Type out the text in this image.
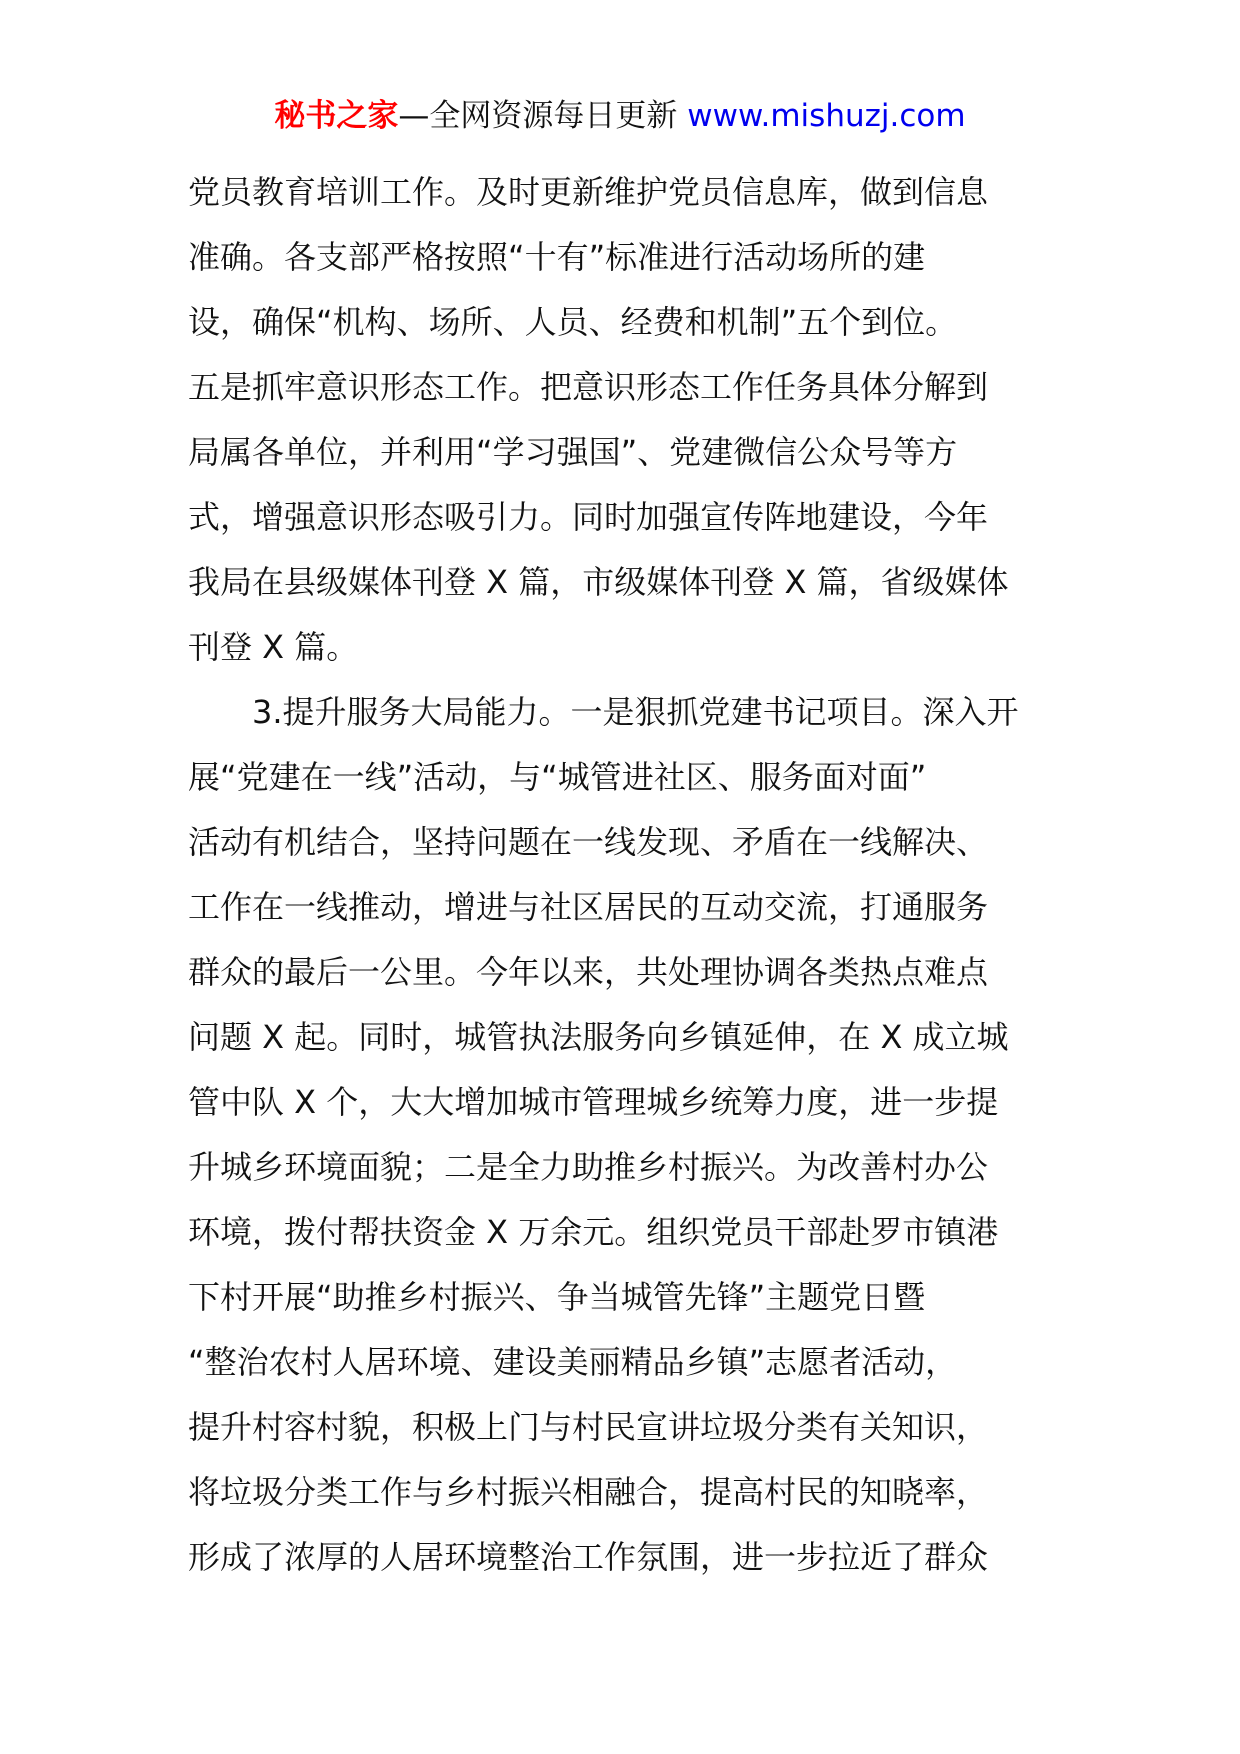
秘书之家—全网资源每日更新 www.mishuzj.com
党员教育培训工作。及时更新维护党员信息库，做到信息
准确。各支部严格按照“十有”标准进行活动场所的建
设，确保“机构、场所、人员、经费和机制”五个到位。
五是抓牢意识形态工作。把意识形态工作任务具体分解到
局属各单位，并利用“学习强国”、党建微信公众号等方
式，增强意识形态吸引力。同时加强宣传阵地建设，今年
我局在县级媒体刊登 X 篇，市级媒体刊登 X 篇，省级媒体
刊登 X 篇。
3.提升服务大局能力。一是狠抓党建书记项目。深入开
展“党建在一线”活动，与“城管进社区、服务面对面”
活动有机结合，坚持问题在一线发现、矛盾在一线解决、
工作在一线推动，增进与社区居民的互动交流，打通服务
群众的最后一公里。今年以来，共处理协调各类热点难点
问题 X 起。同时，城管执法服务向乡镇延伸，在 X 成立城
管中队 X 个，大大增加城市管理城乡统筹力度，进一步提
升城乡环境面貌；二是全力助推乡村振兴。为改善村办公
环境，拨付帮扶资金 X 万余元。组织党员干部赴罗市镇港
下村开展“助推乡村振兴、争当城管先锋”主题党日暨
“整治农村人居环境、建设美丽精品乡镇”志愿者活动，
提升村容村貌，积极上门与村民宣讲垃圾分类有关知识，
将垃圾分类工作与乡村振兴相融合，提高村民的知晓率，
形成了浓厚的人居环境整治工作氛围，进一步拉近了群众
